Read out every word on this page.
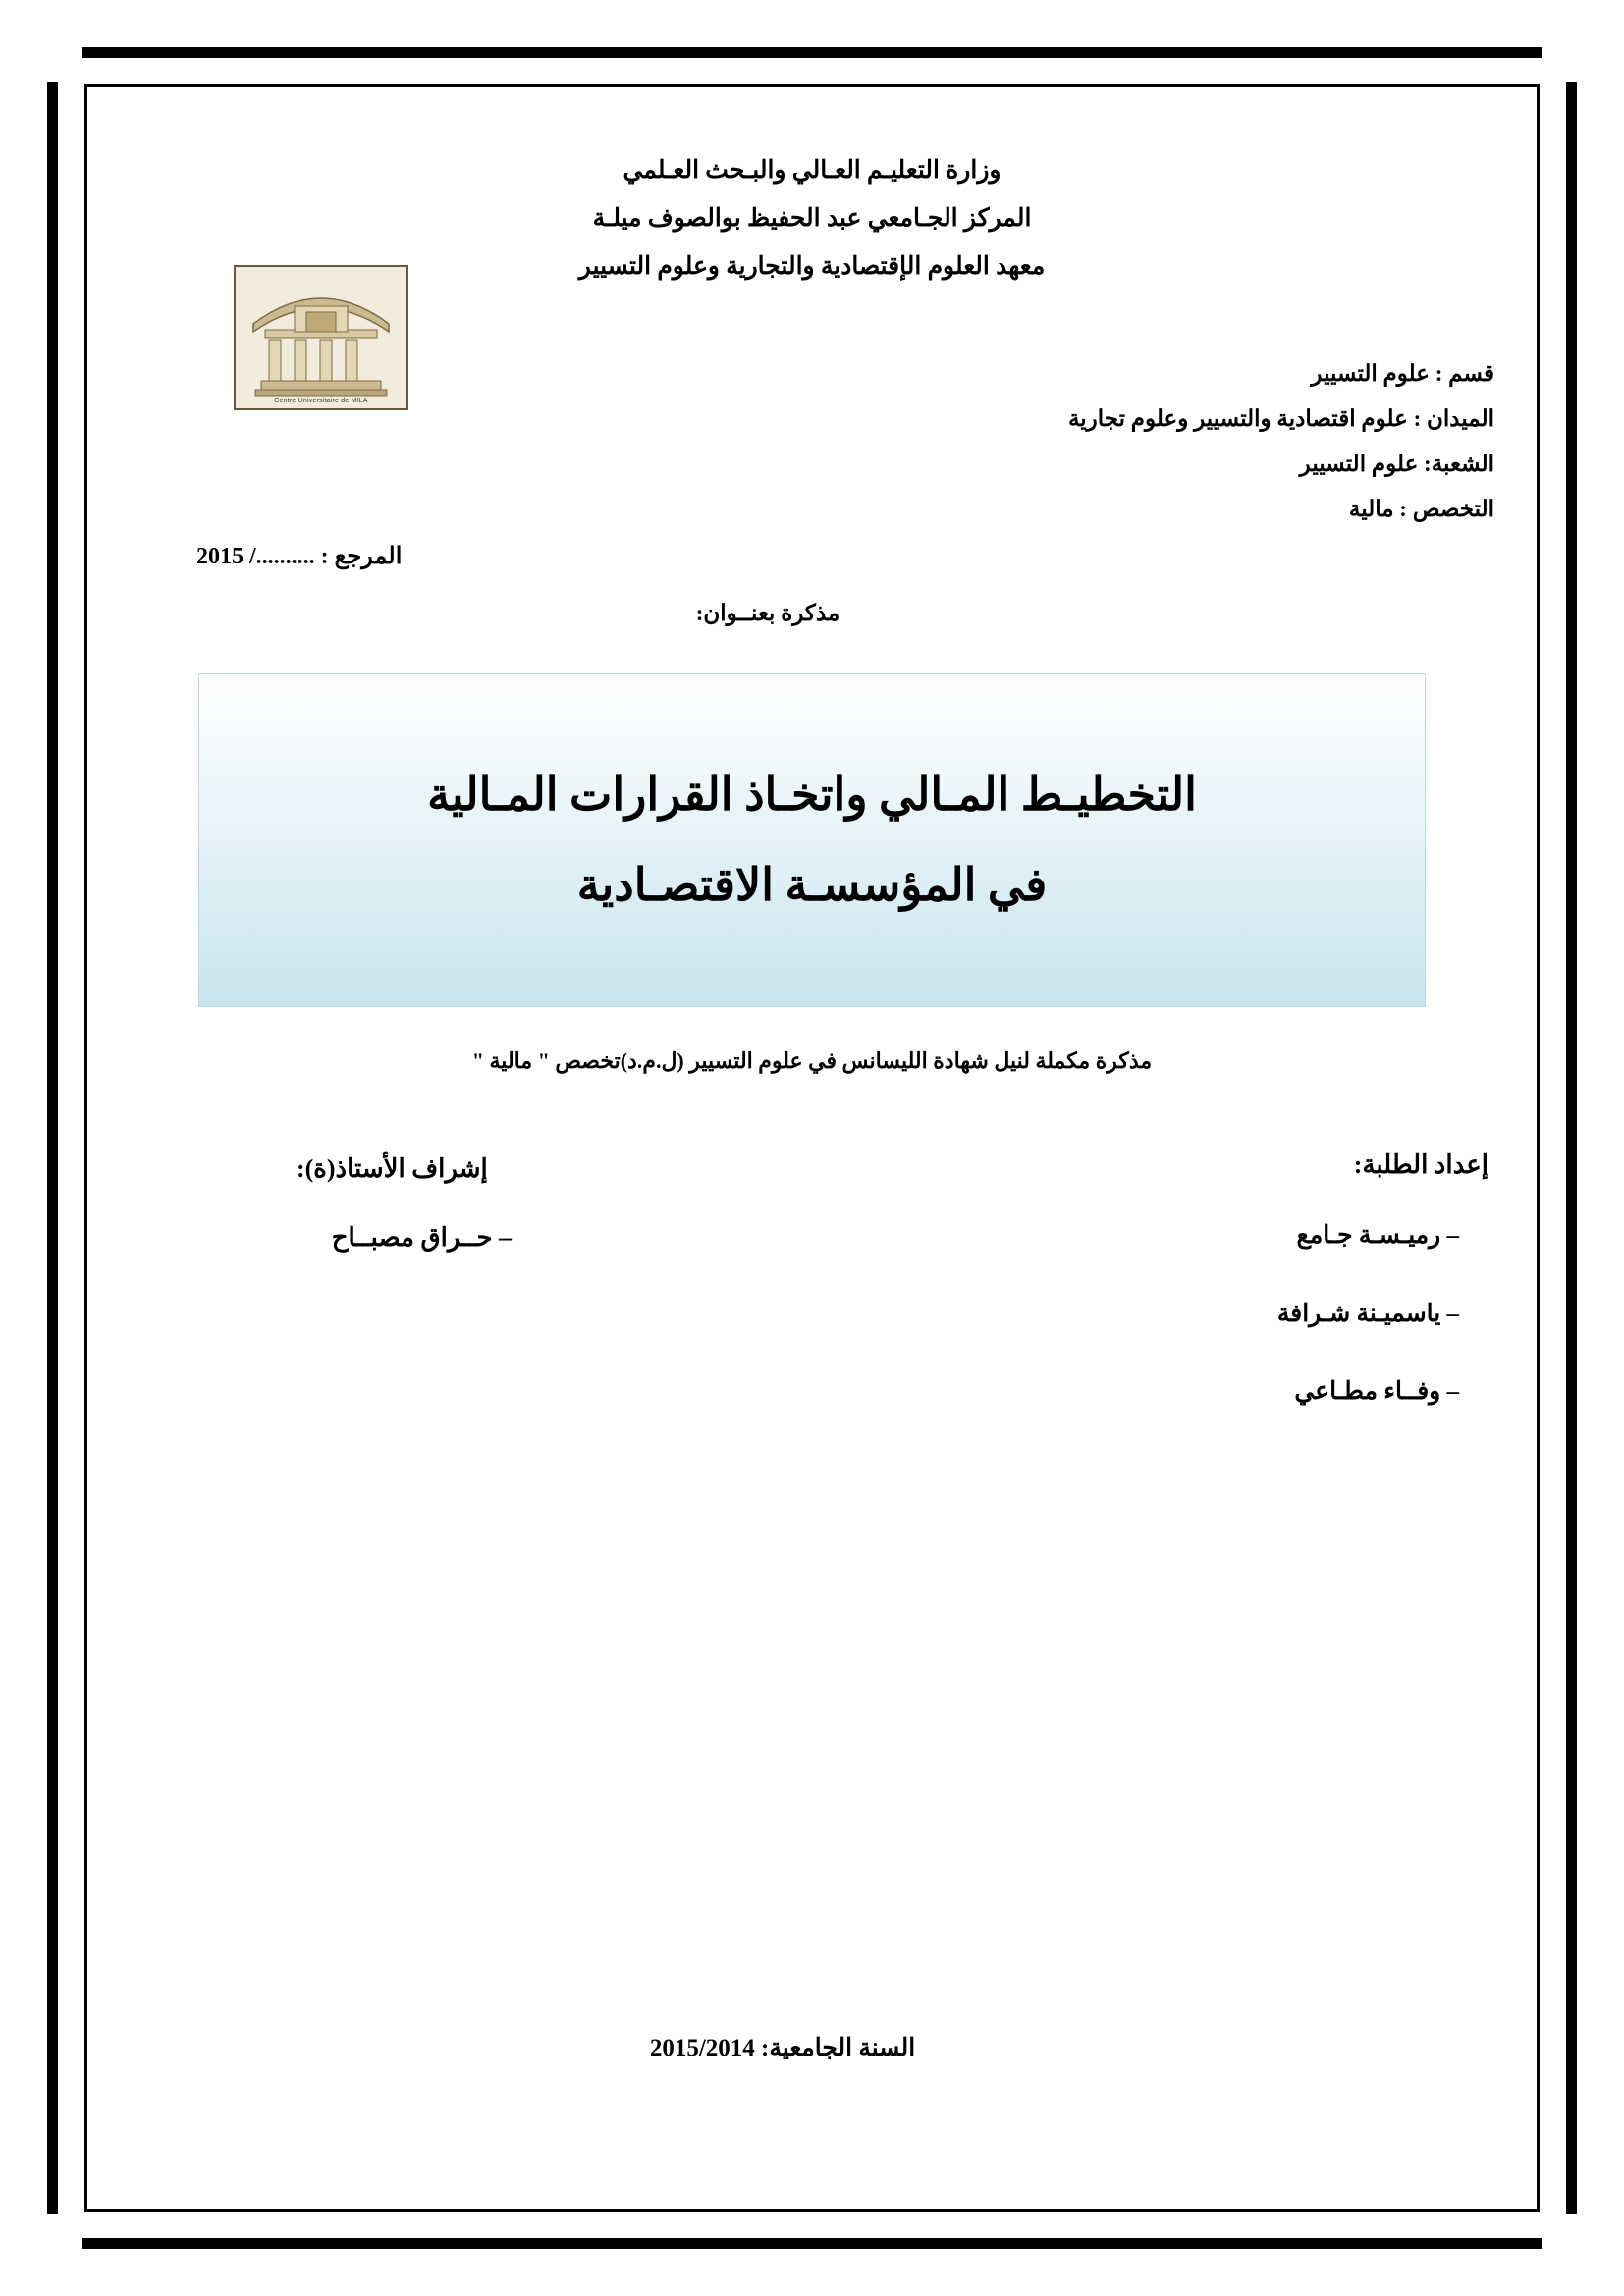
Centre Universitaire de MILA
وزارة التعليـم العـالي والبـحث العـلمي
المركز الجـامعي عبد الحفيظ بوالصوف ميلـة
معهد العلوم الإقتصادية والتجارية وعلوم التسيير
المرجع : ........../ 2015
قسم : علوم التسيير
الميدان : علوم اقتصادية والتسيير وعلوم تجارية
الشعبة: علوم التسيير
التخصص : مالية
مذكرة بعنــوان:
التخطيـط المـالي واتخـاذ القرارات المـالية
في المؤسسـة الاقتصـادية
مذكرة مكملة لنيل شهادة الليسانس في علوم التسيير (ل.م.د)تخصص " مالية "
إعداد الطلبة:
– رميـسـة جـامع
– ياسميـنة شـرافة
– وفــاء مطـاعي
إشراف الأستاذ(ة):
– حــراق مصبــاح
السنة الجامعية: 2015/2014
